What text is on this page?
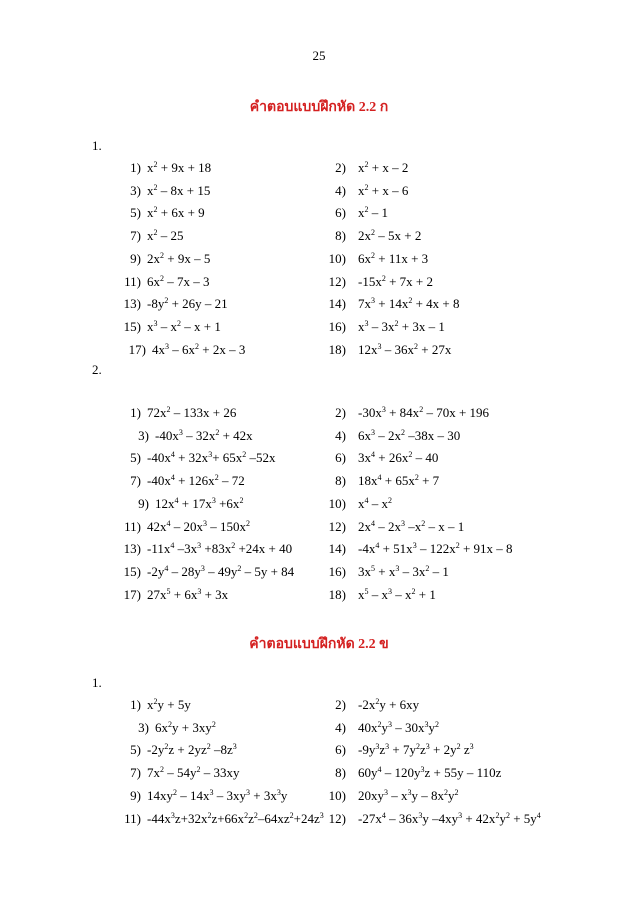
25
คำตอบแบบฝึกหัด 2.2 ก
1.
1) $x^2 + 9x + 18$	2) $x^2 + x - 2$
3) $x^2 - 8x + 15$	4) $x^2 + x - 6$
5) $x^2 + 6x + 9$	6) $x^2 - 1$
7) $x^2 - 25$	8) $2x^2 - 5x + 2$
9) $2x^2 + 9x - 5$	10) $6x^2 + 11x + 3$
11) $6x^2 - 7x - 3$	12) $-15x^2 + 7x + 2$
13) $-8y^2 + 26y - 21$	14) $7x^3 + 14x^2 + 4x + 8$
15) $x^3 - x^2 - x + 1$	16) $x^3 - 3x^2 + 3x - 1$
17) $4x^3 - 6x^2 + 2x - 3$	18) $12x^3 - 36x^2 + 27x$
2.
1) $72x^2 - 133x + 26$	2) $-30x^3 + 84x^2 - 70x + 196$
3) $-40x^3 - 32x^2 + 42x$	4) $6x^3 - 2x^2$ –38x – 30
5) $-40x^4 + 32x^3+ 65x^2$ –52x	6) $3x^4 + 26x^2 - 40$
7) $-40x^4 + 126x^2 - 72$	8) $18x^4 + 65x^2 + 7$
9) $12x^4 + 17x^3 +6x^2$	10) $x^4 - x^2$
11) $42x^4 - 20x^3 - 150x^2$	12) $2x^4 - 2x^3$ $-x^2$ – x – 1
13) $-11x^4$ $-3x^3 +83x^2 +24x + 40$	14) $-4x^4 + 51x^3 - 122x^2 + 91x - 8$
15) $-2y^4 - 28y^3 - 49y^2 - 5y + 84$	16) $3x^5 + x^3 - 3x^2 - 1$
17) $27x^5 + 6x^3 + 3x$	18) $x^5 - x^3 - x^2 + 1$
คำตอบแบบฝึกหัด 2.2 ข
1.
1) $x^2y + 5y$	2) $-2x^2y + 6xy$
3) $6x^2y + 3xy^2$	4) $40x^2y^3 - 30x^3y^2$
5) $-2y^2z + 2yz^2$ $-8z^3$	6) $-9y^3z^3 + 7y^2z^3 + 2y^2$ $z^3$
7) $7x^2 - 54y^2 - 33xy$	8) $60y^4 - 120y^3z + 55y - 110z$
9) $14xy^2 - 14x^3 - 3xy^3 + 3x^3y$	10) $20xy^3 - x^3y - 8x^2y^2$
11) $-44x^3z+32x^2z+66x^2z^2-64xz^2+24z^3$ 12) $-27x^4 - 36x^3y$ $-4xy^3 + 42x^2y^2 + 5y^4$
